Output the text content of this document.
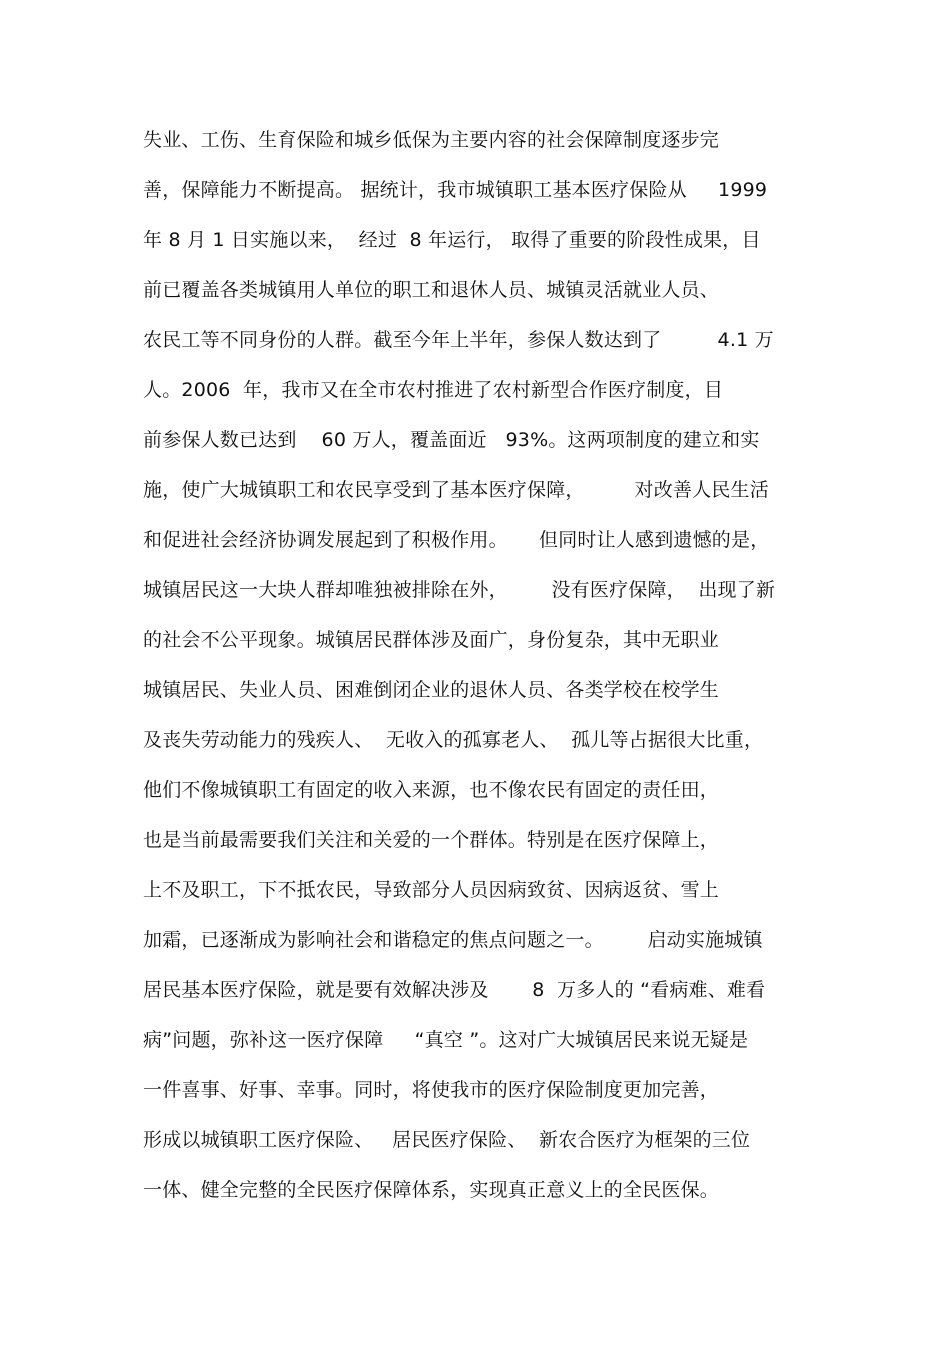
失业、工伤、生育保险和城乡低保为主要内容的社会保障制度逐步完
善，保障能力不断提高。 据统计，我市城镇职工基本医疗保险从     1999
年 8 月 1 日实施以来，  经过  8 年运行， 取得了重要的阶段性成果，目
前已覆盖各类城镇用人单位的职工和退休人员、城镇灵活就业人员、
农民工等不同身份的人群。截至今年上半年，参保人数达到了         4.1 万
人。2006  年，我市又在全市农村推进了农村新型合作医疗制度，目
前参保人数已达到    60 万人，覆盖面近   93%。这两项制度的建立和实
施，使广大城镇职工和农民享受到了基本医疗保障，        对改善人民生活
和促进社会经济协调发展起到了积极作用。     但同时让人感到遗憾的是，
城镇居民这一大块人群却唯独被排除在外，       没有医疗保障，  出现了新
的社会不公平现象。城镇居民群体涉及面广，身份复杂，其中无职业
城镇居民、失业人员、困难倒闭企业的退休人员、各类学校在校学生
及丧失劳动能力的残疾人、  无收入的孤寡老人、  孤儿等占据很大比重，
他们不像城镇职工有固定的收入来源，也不像农民有固定的责任田，
也是当前最需要我们关注和关爱的一个群体。特别是在医疗保障上，
上不及职工，下不抵农民，导致部分人员因病致贫、因病返贫、雪上
加霜，已逐渐成为影响社会和谐稳定的焦点问题之一。       启动实施城镇
居民基本医疗保险，就是要有效解决涉及       8  万多人的 “看病难、难看
病”问题，弥补这一医疗保障     “真空 ”。这对广大城镇居民来说无疑是
一件喜事、好事、幸事。同时，将使我市的医疗保险制度更加完善，
形成以城镇职工医疗保险、   居民医疗保险、  新农合医疗为框架的三位
一体、健全完整的全民医疗保障体系，实现真正意义上的全民医保。
